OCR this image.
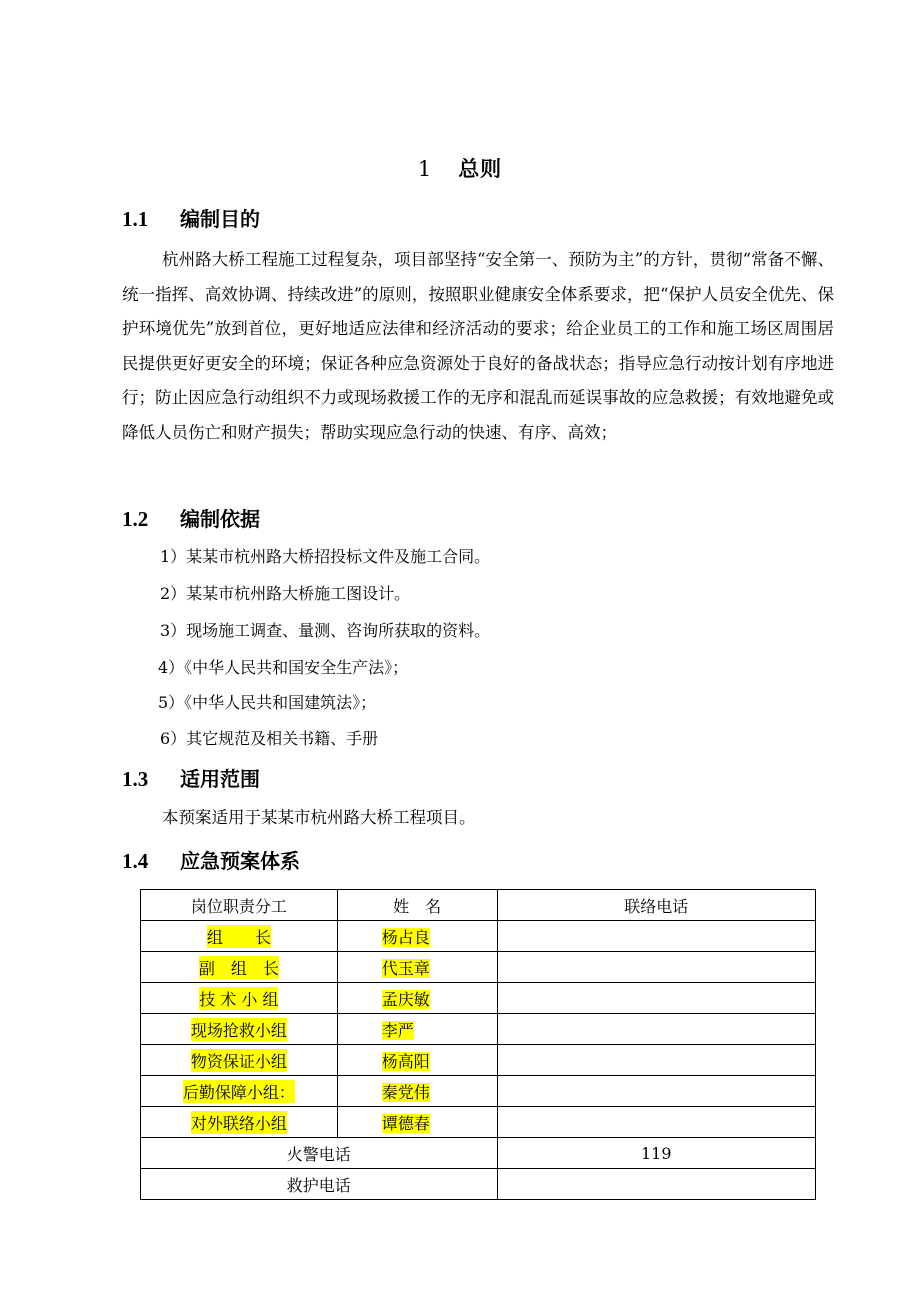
1 总则
1.1 编制目的
杭州路大桥工程施工过程复杂，项目部坚持“安全第一、预防为主”的方针，贯彻“常备不懈、统一指挥、高效协调、持续改进”的原则，按照职业健康安全体系要求，把“保护人员安全优先、保护环境优先”放到首位，更好地适应法律和经济活动的要求；给企业员工的工作和施工场区周围居民提供更好更安全的环境；保证各种应急资源处于良好的备战状态；指导应急行动按计划有序地进行；防止因应急行动组织不力或现场救援工作的无序和混乱而延误事故的应急救援；有效地避免或降低人员伤亡和财产损失；帮助实现应急行动的快速、有序、高效；
1.2 编制依据
1）某某市杭州路大桥招投标文件及施工合同。
2）某某市杭州路大桥施工图设计。
3）现场施工调查、量测、咨询所获取的资料。
4）《中华人民共和国安全生产法》；
5）《中华人民共和国建筑法》；
6）其它规范及相关书籍、手册
1.3 适用范围
本预案适用于某某市杭州路大桥工程项目。
1.4 应急预案体系
岗位职责分工	姓　名	联络电话
组　　长	杨占良	
副　组　长	代玉章	
技 术 小 组	孟庆敏	
现场抢救小组	李严	
物资保证小组	杨高阳	
后勤保障小组：	秦党伟	
对外联络小组	谭德春	
火警电话		119
救护电话		
